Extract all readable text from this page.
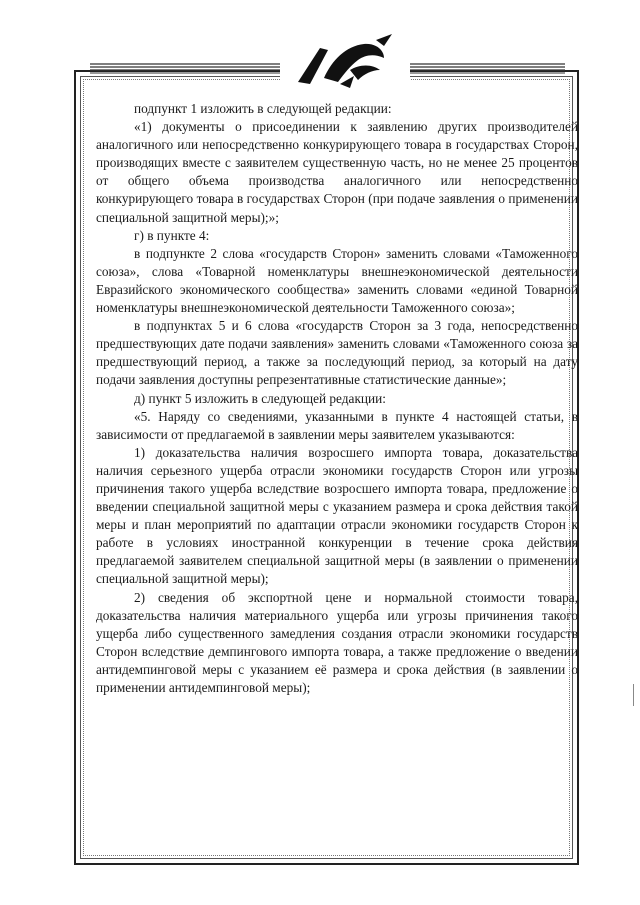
подпункт 1 изложить в следующей редакции:

«1) документы о присоединении к заявлению других производителей аналогичного или непосредственно конкурирующего товара в государствах Сторон, производящих вместе с заявителем существенную часть, но не менее 25 процентов от общего объема производства аналогичного или непосредственно конкурирующего товара в государствах Сторон (при подаче заявления о применении специальной защитной меры);»;

г) в пункте 4:

в подпункте 2 слова «государств Сторон» заменить словами «Таможенного союза», слова «Товарной номенклатуры внешнеэкономической деятельности Евразийского экономического сообщества» заменить словами «единой Товарной номенклатуры внешнеэкономической деятельности Таможенного союза»;

в подпунктах 5 и 6 слова «государств Сторон за 3 года, непосредственно предшествующих дате подачи заявления» заменить словами «Таможенного союза за предшествующий период, а также за последующий период, за который на дату подачи заявления доступны репрезентативные статистические данные»;

д) пункт 5 изложить в следующей редакции:

«5. Наряду со сведениями, указанными в пункте 4 настоящей статьи, в зависимости от предлагаемой в заявлении меры заявителем указываются:

1) доказательства наличия возросшего импорта товара, доказательства наличия серьезного ущерба отрасли экономики государств Сторон или угрозы причинения такого ущерба вследствие возросшего импорта товара, предложение о введении специальной защитной меры с указанием размера и срока действия такой меры и план мероприятий по адаптации отрасли экономики государств Сторон к работе в условиях иностранной конкуренции в течение срока действия предлагаемой заявителем специальной защитной меры (в заявлении о применении специальной защитной меры);

2) сведения об экспортной цене и нормальной стоимости товара, доказательства наличия материального ущерба или угрозы причинения такого ущерба либо существенного замедления создания отрасли экономики государств Сторон вследствие демпингового импорта товара, а также предложение о введении антидемпинговой меры с указанием её размера и срока действия (в заявлении о применении антидемпинговой меры);
